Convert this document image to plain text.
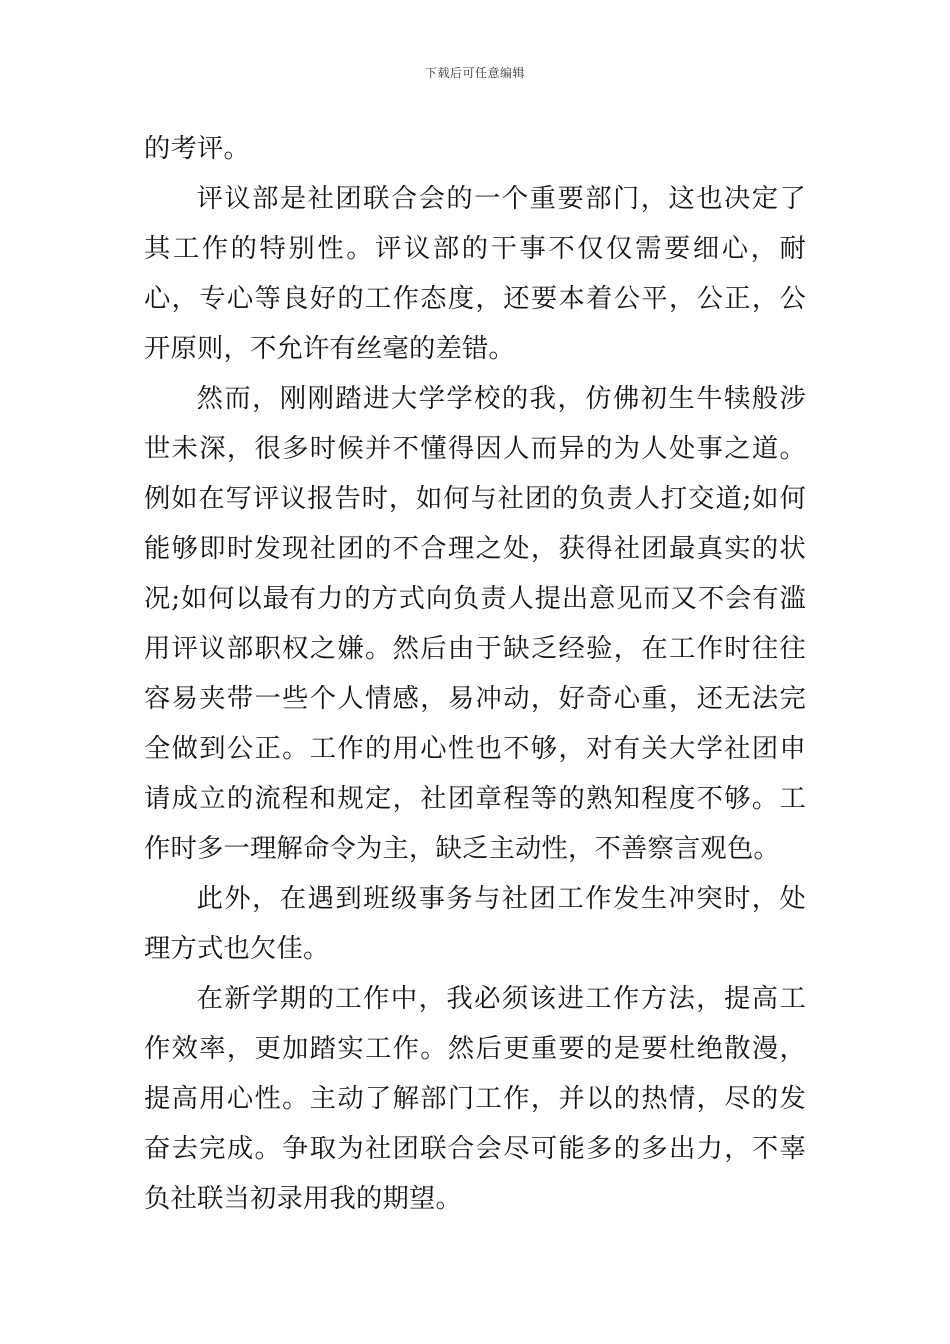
下载后可任意编辑

的考评。

评议部是社团联合会的一个重要部门，这也决定了其工作的特别性。评议部的干事不仅仅需要细心，耐心，专心等良好的工作态度，还要本着公平，公正，公开原则，不允许有丝毫的差错。

然而，刚刚踏进大学学校的我，仿佛初生牛犊般涉世未深，很多时候并不懂得因人而异的为人处事之道。例如在写评议报告时，如何与社团的负责人打交道;如何能够即时发现社团的不合理之处，获得社团最真实的状况;如何以最有力的方式向负责人提出意见而又不会有滥用评议部职权之嫌。然后由于缺乏经验，在工作时往往容易夹带一些个人情感，易冲动，好奇心重，还无法完全做到公正。工作的用心性也不够，对有关大学社团申请成立的流程和规定，社团章程等的熟知程度不够。工作时多一理解命令为主，缺乏主动性，不善察言观色。

此外，在遇到班级事务与社团工作发生冲突时，处理方式也欠佳。

在新学期的工作中，我必须该进工作方法，提高工作效率，更加踏实工作。然后更重要的是要杜绝散漫，提高用心性。主动了解部门工作，并以的热情，尽的发奋去完成。争取为社团联合会尽可能多的多出力，不辜负社联当初录用我的期望。
